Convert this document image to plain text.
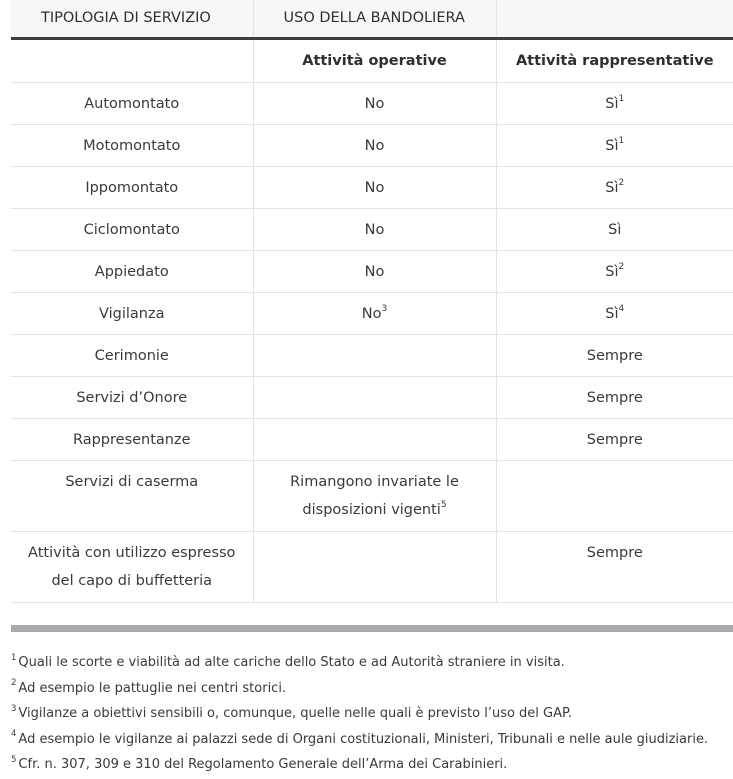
TIPOLOGIA DI SERVIZIO	USO DELLA BANDOLIERA	
	Attività operative	Attività rappresentative
Automontato	No	$Sì^1$
Motomontato	No	$Sì^1$
Ippomontato	No	$Sì^2$
Ciclomontato	No	Sì
Appiedato	No	$Sì^2$
Vigilanza	No$^3$	$Sì^4$
Cerimonie		Sempre
Servizi d’Onore		Sempre
Rappresentanze		Sempre
Servizi di caserma	Rimangono invariate le disposizioni vigenti$^5$	
Attività con utilizzo espresso del capo di buffetteria		Sempre
$^1$ Quali le scorte e viabilità ad alte cariche dello Stato e ad Autorità straniere in visita.
$^2$ Ad esempio le pattuglie nei centri storici.
$^3$ Vigilanze a obiettivi sensibili o, comunque, quelle nelle quali è previsto l’uso del GAP.
$^4$ Ad esempio le vigilanze ai palazzi sede di Organi costituzionali, Ministeri, Tribunali e nelle aule giudiziarie.
$^5$ Cfr. n. 307, 309 e 310 del Regolamento Generale dell’Arma dei Carabinieri.
